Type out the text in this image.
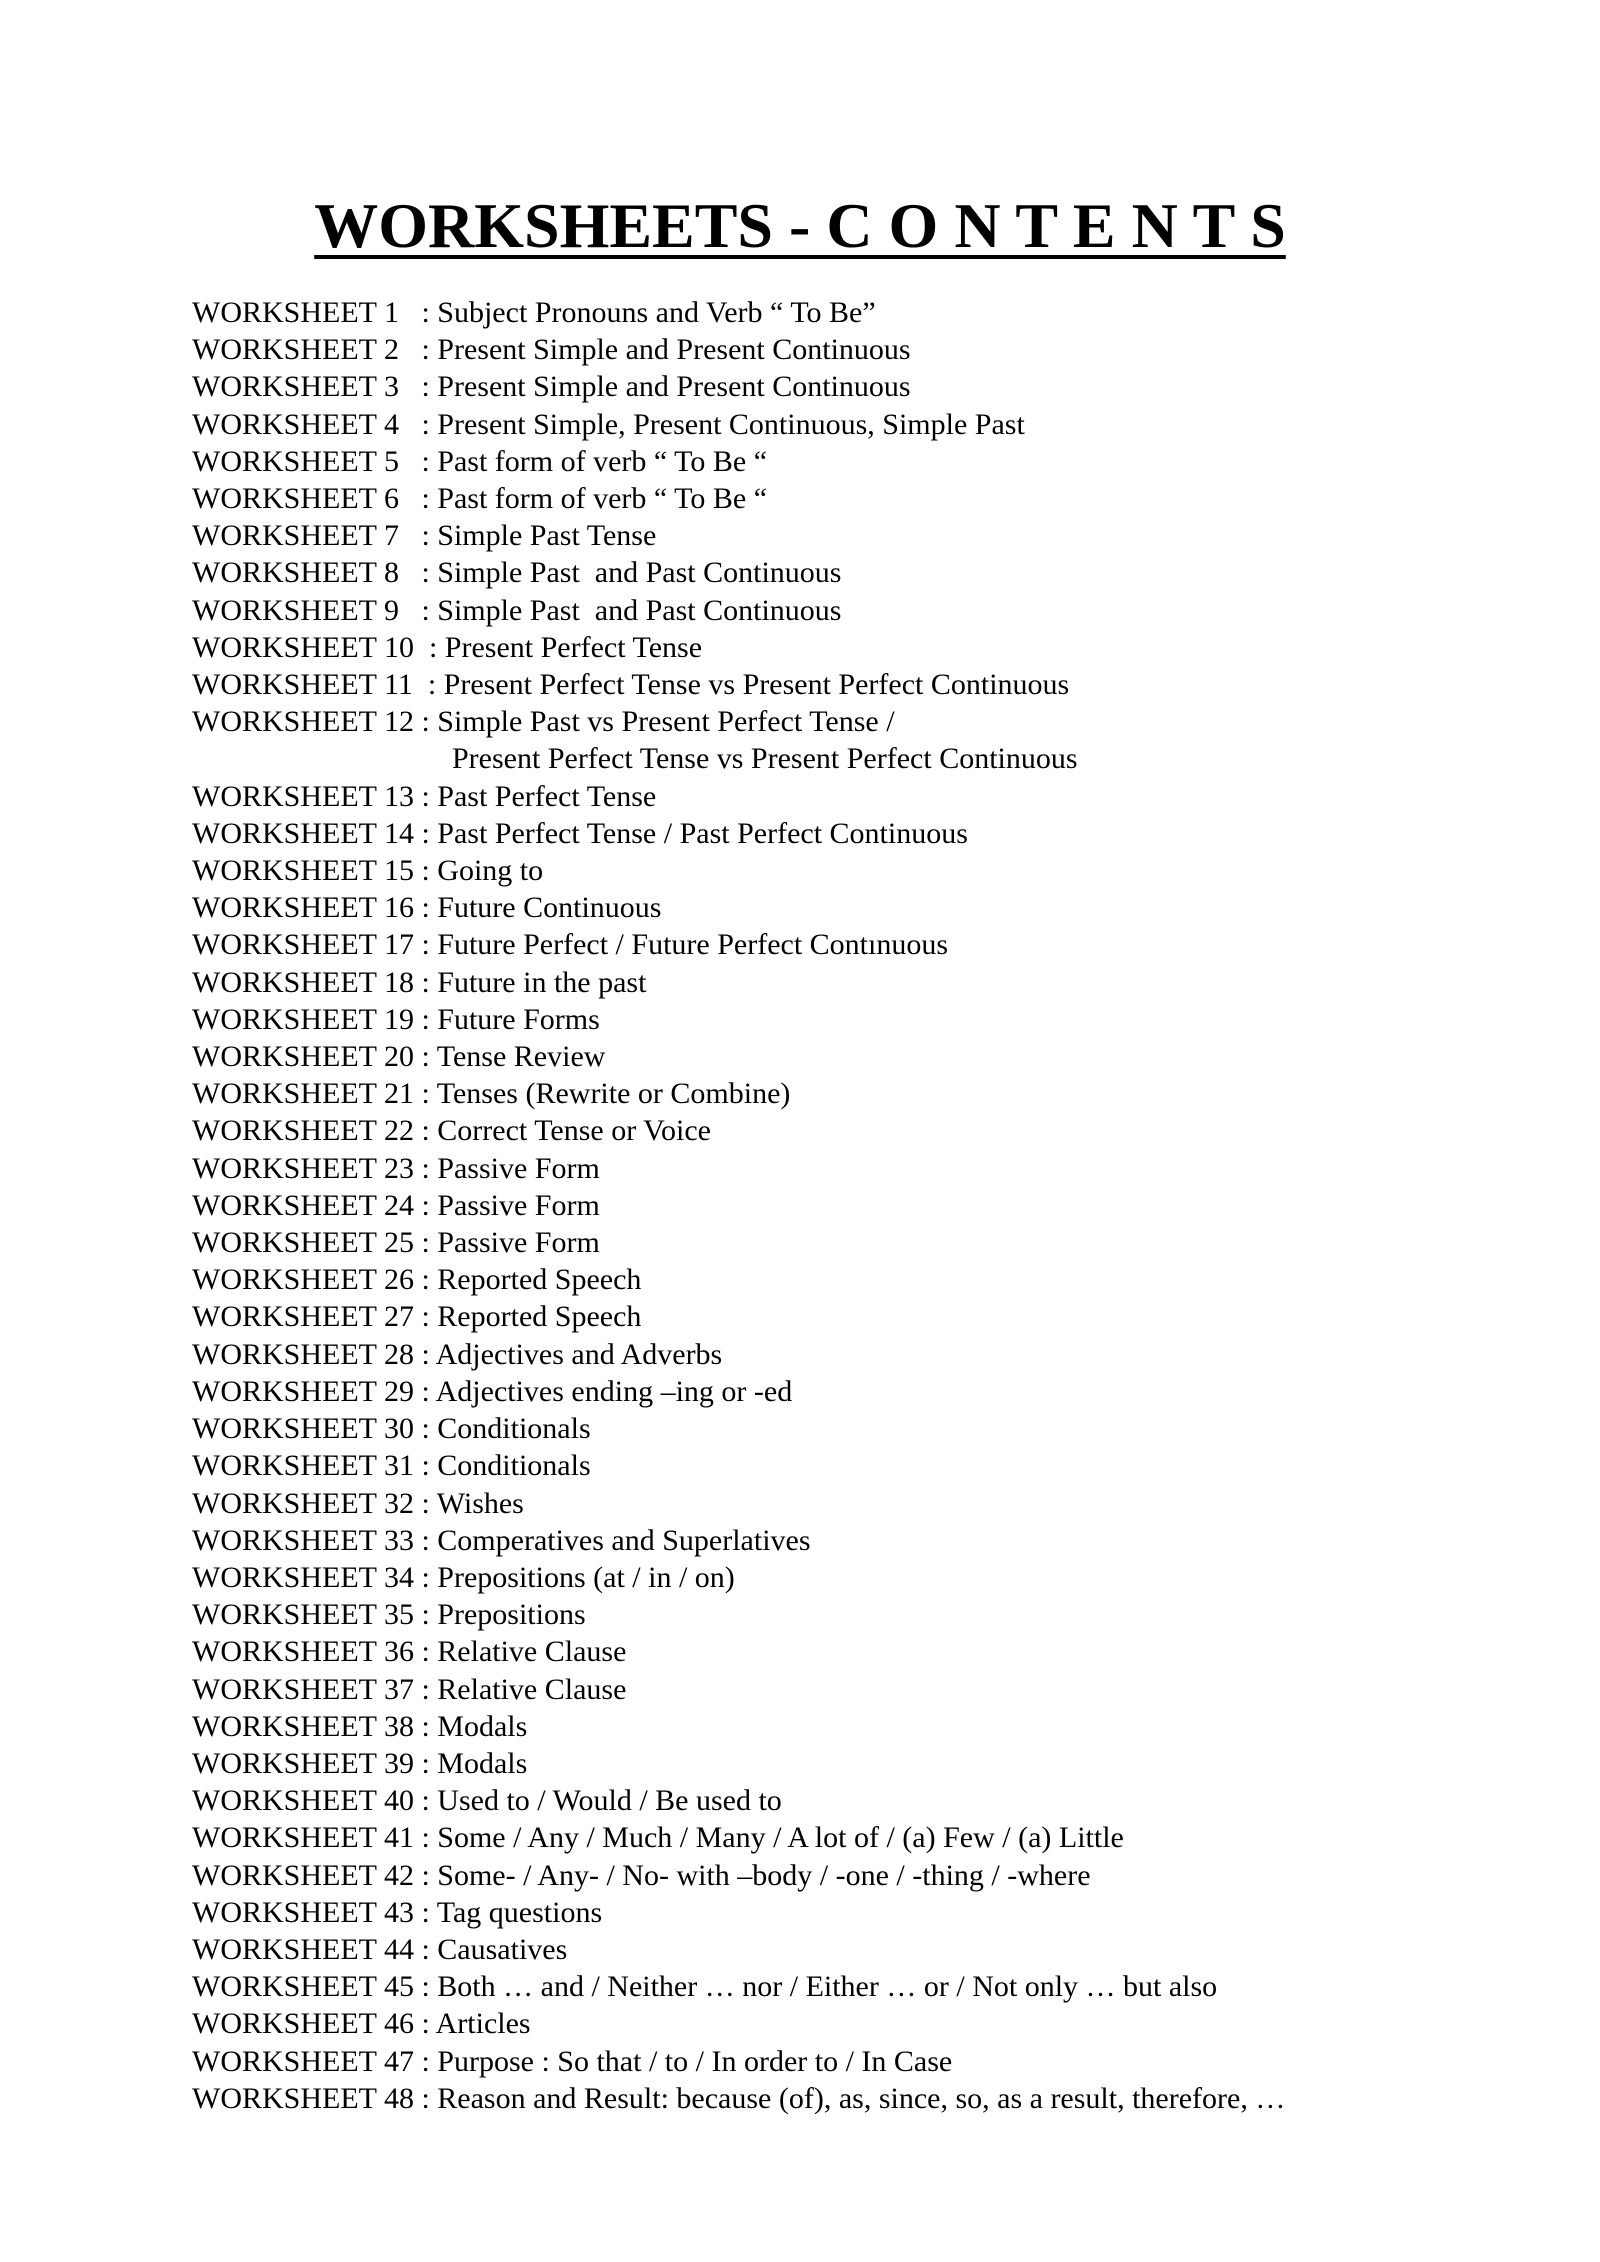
WORKSHEETS - C O N T E N T S
WORKSHEET 1 : Subject Pronouns and Verb “ To Be”
WORKSHEET 2 : Present Simple and Present Continuous
WORKSHEET 3 : Present Simple and Present Continuous
WORKSHEET 4 : Present Simple, Present Continuous, Simple Past
WORKSHEET 5 : Past form of verb “ To Be “
WORKSHEET 6 : Past form of verb “ To Be “
WORKSHEET 7 : Simple Past Tense
WORKSHEET 8 : Simple Past  and Past Continuous
WORKSHEET 9 : Simple Past  and Past Continuous
WORKSHEET 10 : Present Perfect Tense
WORKSHEET 11 : Present Perfect Tense vs Present Perfect Continuous
WORKSHEET 12 : Simple Past vs Present Perfect Tense /
Present Perfect Tense vs Present Perfect Continuous
WORKSHEET 13 : Past Perfect Tense
WORKSHEET 14 : Past Perfect Tense / Past Perfect Continuous
WORKSHEET 15 : Going to
WORKSHEET 16 : Future Continuous
WORKSHEET 17 : Future Perfect / Future Perfect Contınuous
WORKSHEET 18 : Future in the past
WORKSHEET 19 : Future Forms
WORKSHEET 20 : Tense Review
WORKSHEET 21 : Tenses (Rewrite or Combine)
WORKSHEET 22 : Correct Tense or Voice
WORKSHEET 23 : Passive Form
WORKSHEET 24 : Passive Form
WORKSHEET 25 : Passive Form
WORKSHEET 26 : Reported Speech
WORKSHEET 27 : Reported Speech
WORKSHEET 28 : Adjectives and Adverbs
WORKSHEET 29 : Adjectives ending –ing or -ed
WORKSHEET 30 : Conditionals
WORKSHEET 31 : Conditionals
WORKSHEET 32 : Wishes
WORKSHEET 33 : Comperatives and Superlatives
WORKSHEET 34 : Prepositions (at / in / on)
WORKSHEET 35 : Prepositions
WORKSHEET 36 : Relative Clause
WORKSHEET 37 : Relative Clause
WORKSHEET 38 : Modals
WORKSHEET 39 : Modals
WORKSHEET 40 : Used to / Would / Be used to
WORKSHEET 41 : Some / Any / Much / Many / A lot of / (a) Few / (a) Little
WORKSHEET 42 : Some- / Any- / No- with –body / -one / -thing / -where
WORKSHEET 43 : Tag questions
WORKSHEET 44 : Causatives
WORKSHEET 45 : Both … and / Neither … nor / Either … or / Not only … but also
WORKSHEET 46 : Articles
WORKSHEET 47 : Purpose : So that / to / In order to / In Case
WORKSHEET 48 : Reason and Result: because (of), as, since, so, as a result, therefore, …
